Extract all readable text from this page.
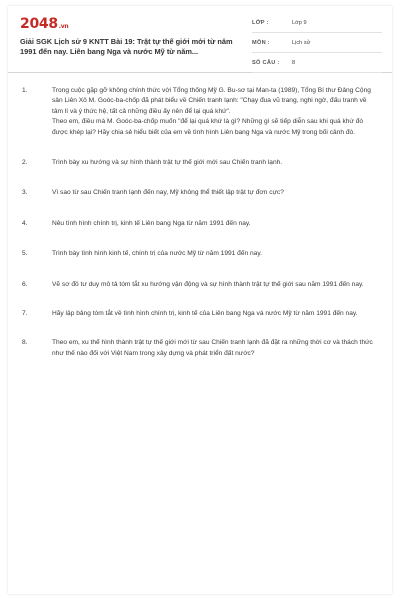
2048.vn
Giải SGK Lịch sử 9 KNTT Bài 19: Trật tự thế giới mới từ năm 1991 đến nay. Liên bang Nga và nước Mỹ từ năm...
LỚP :	Lớp 9
MÔN :	Lịch sử
SỐ CÂU : 8
1.	Trong cuộc gặp gỡ không chính thức với Tổng thống Mỹ G. Bu-sơ tại Man-ta (1989), Tổng Bí thư Đảng Cộng sản Liên Xô M. Goóc-ba-chốp đã phát biểu về Chiến tranh lạnh: "Chạy đua vũ trang, nghi ngờ, đấu tranh về tâm lí và ý thức hệ, tất cả những điều ấy nên để lại quá khứ".
Theo em, điều mà M. Goóc-ba-chốp muốn "để lại quá khứ là gì? Những gì sẽ tiếp diễn sau khi quá khứ đó được khép lại? Hãy chia sẻ hiểu biết của em về tình hình Liên bang Nga và nước Mỹ trong bối cảnh đó.
2.	Trình bày xu hướng và sự hình thành trật tự thế giới mới sau Chiến tranh lạnh.
3.	Vì sao từ sau Chiến tranh lạnh đến nay, Mỹ không thể thiết lập trật tự đơn cực?
4.	Nêu tình hình chính trị, kinh tế Liên bang Nga từ năm 1991 đến nay.
5.	Trình bày tình hình kinh tế, chính trị của nước Mỹ từ năm 1991 đến nay.
6.	Vẽ sơ đồ tư duy mô tả tóm tắt xu hướng vận động và sự hình thành trật tự thế giới sau năm 1991 đến nay.
7.	Hãy lập bảng tóm tắt về tình hình chính trị, kinh tế của Liên bang Nga và nước Mỹ từ năm 1991 đến nay.
8.	Theo em, xu thế hình thành trật tự thế giới mới từ sau Chiến tranh lạnh đã đặt ra những thời cơ và thách thức như thế nào đối với Việt Nam trong xây dựng và phát triển đất nước?
